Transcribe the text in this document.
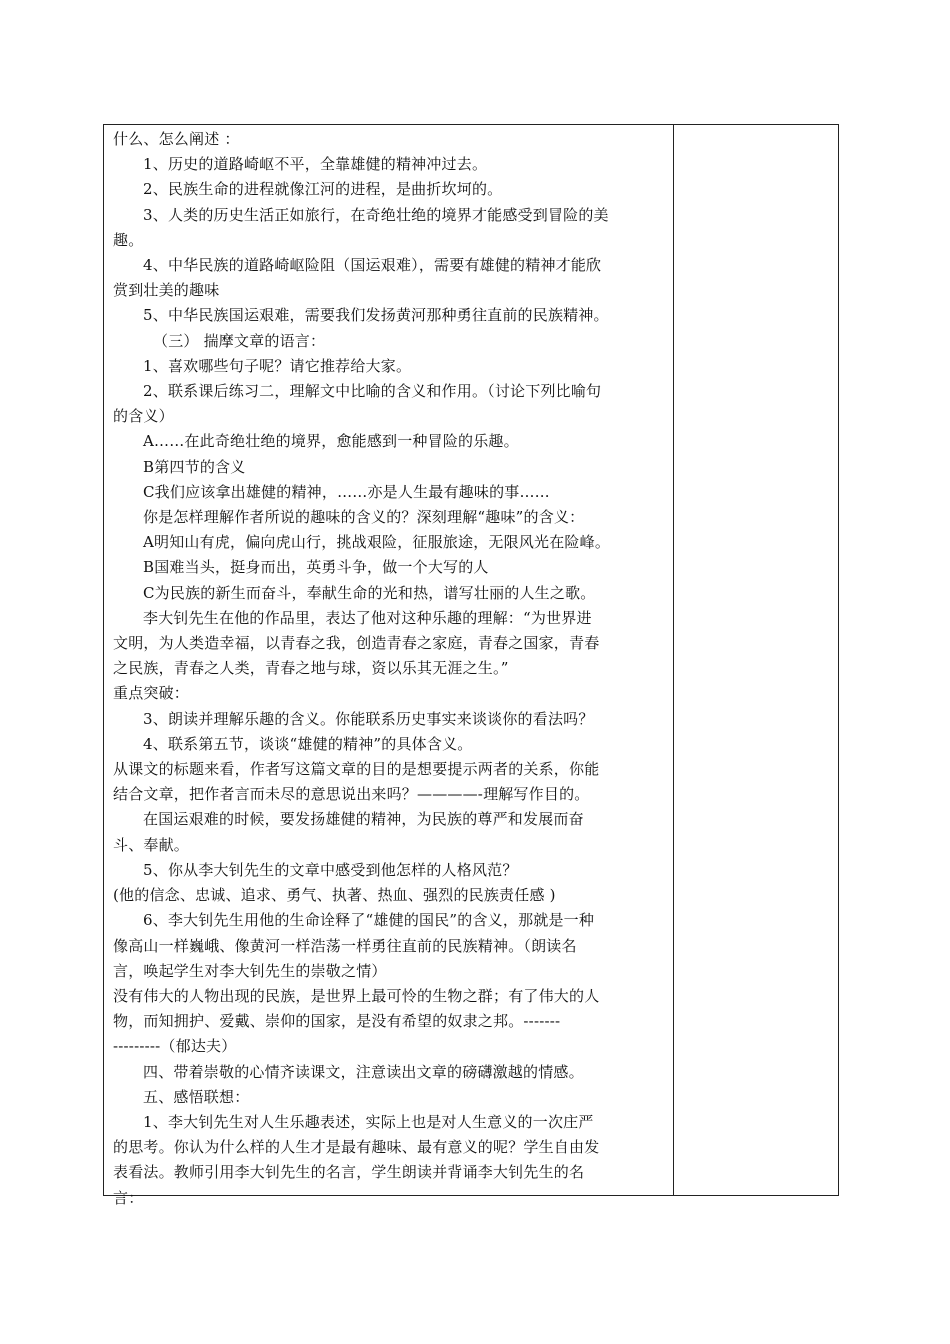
什么、怎么阐述 ：

1、历史的道路崎岖不平，全靠雄健的精神冲过去。

2、民族生命的进程就像江河的进程，是曲折坎坷的。

3、人类的历史生活正如旅行，在奇绝壮绝的境界才能感受到冒险的美

趣。

4、中华民族的道路崎岖险阻（国运艰难），需要有雄健的精神才能欣

赏到壮美的趣味

5、中华民族国运艰难，需要我们发扬黄河那种勇往直前的民族精神。

（三） 揣摩文章的语言：

1、喜欢哪些句子呢？请它推荐给大家。

2、联系课后练习二，理解文中比喻的含义和作用。（讨论下列比喻句

的含义）

A……在此奇绝壮绝的境界，愈能感到一种冒险的乐趣。

B第四节的含义

C我们应该拿出雄健的精神，……亦是人生最有趣味的事……

你是怎样理解作者所说的趣味的含义的？深刻理解“趣味”的含义：

A明知山有虎，偏向虎山行，挑战艰险，征服旅途，无限风光在险峰。

B国难当头，挺身而出，英勇斗争，做一个大写的人

C为民族的新生而奋斗，奉献生命的光和热，谱写壮丽的人生之歌。

李大钊先生在他的作品里，表达了他对这种乐趣的理解：“为世界进

文明，为人类造幸福，以青春之我，创造青春之家庭，青春之国家，青春

之民族，青春之人类，青春之地与球，资以乐其无涯之生。”

重点突破：

3、朗读并理解乐趣的含义。你能联系历史事实来谈谈你的看法吗？

4、联系第五节，谈谈“雄健的精神”的具体含义。

从课文的标题来看，作者写这篇文章的目的是想要提示两者的关系，你能

结合文章，把作者言而未尽的意思说出来吗？————-理解写作目的。

在国运艰难的时候，要发扬雄健的精神，为民族的尊严和发展而奋

斗、奉献。

5、你从李大钊先生的文章中感受到他怎样的人格风范？

(他的信念、忠诚、追求、勇气、执著、热血、强烈的民族责任感 )

6、李大钊先生用他的生命诠释了“雄健的国民”的含义，那就是一种

像高山一样巍峨、像黄河一样浩荡一样勇往直前的民族精神。（朗读名

言，唤起学生对李大钊先生的崇敬之情）

没有伟大的人物出现的民族，是世界上最可怜的生物之群；有了伟大的人

物，而知拥护、爱戴、崇仰的国家，是没有希望的奴隶之邦。-------

---------（郁达夫）

四、带着崇敬的心情齐读课文，注意读出文章的磅礴激越的情感。

五、感悟联想：

1、李大钊先生对人生乐趣表述，实际上也是对人生意义的一次庄严

的思考。你认为什么样的人生才是最有趣味、最有意义的呢？学生自由发

表看法。教师引用李大钊先生的名言，学生朗读并背诵李大钊先生的名

言：
